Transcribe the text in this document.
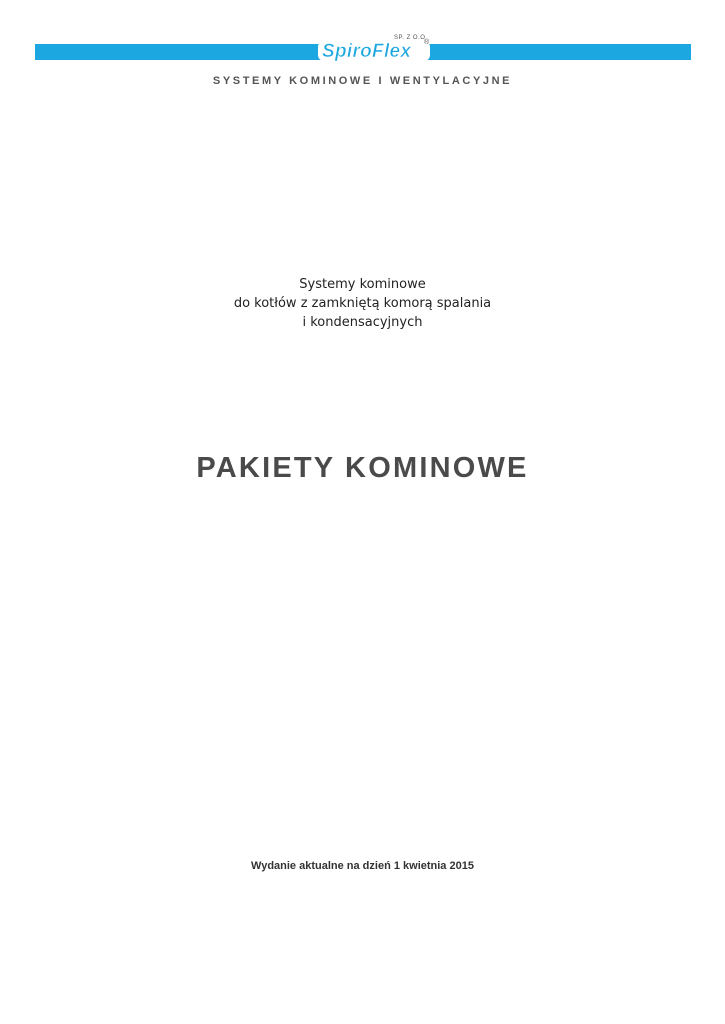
SP. Z O.O
®
SpiroFlex
SYSTEMY KOMINOWE I WENTYLACYJNE
Systemy kominowe
do kotłów z zamkniętą komorą spalania
i kondensacyjnych
PAKIETY KOMINOWE
Wydanie aktualne na dzień 1 kwietnia 2015
